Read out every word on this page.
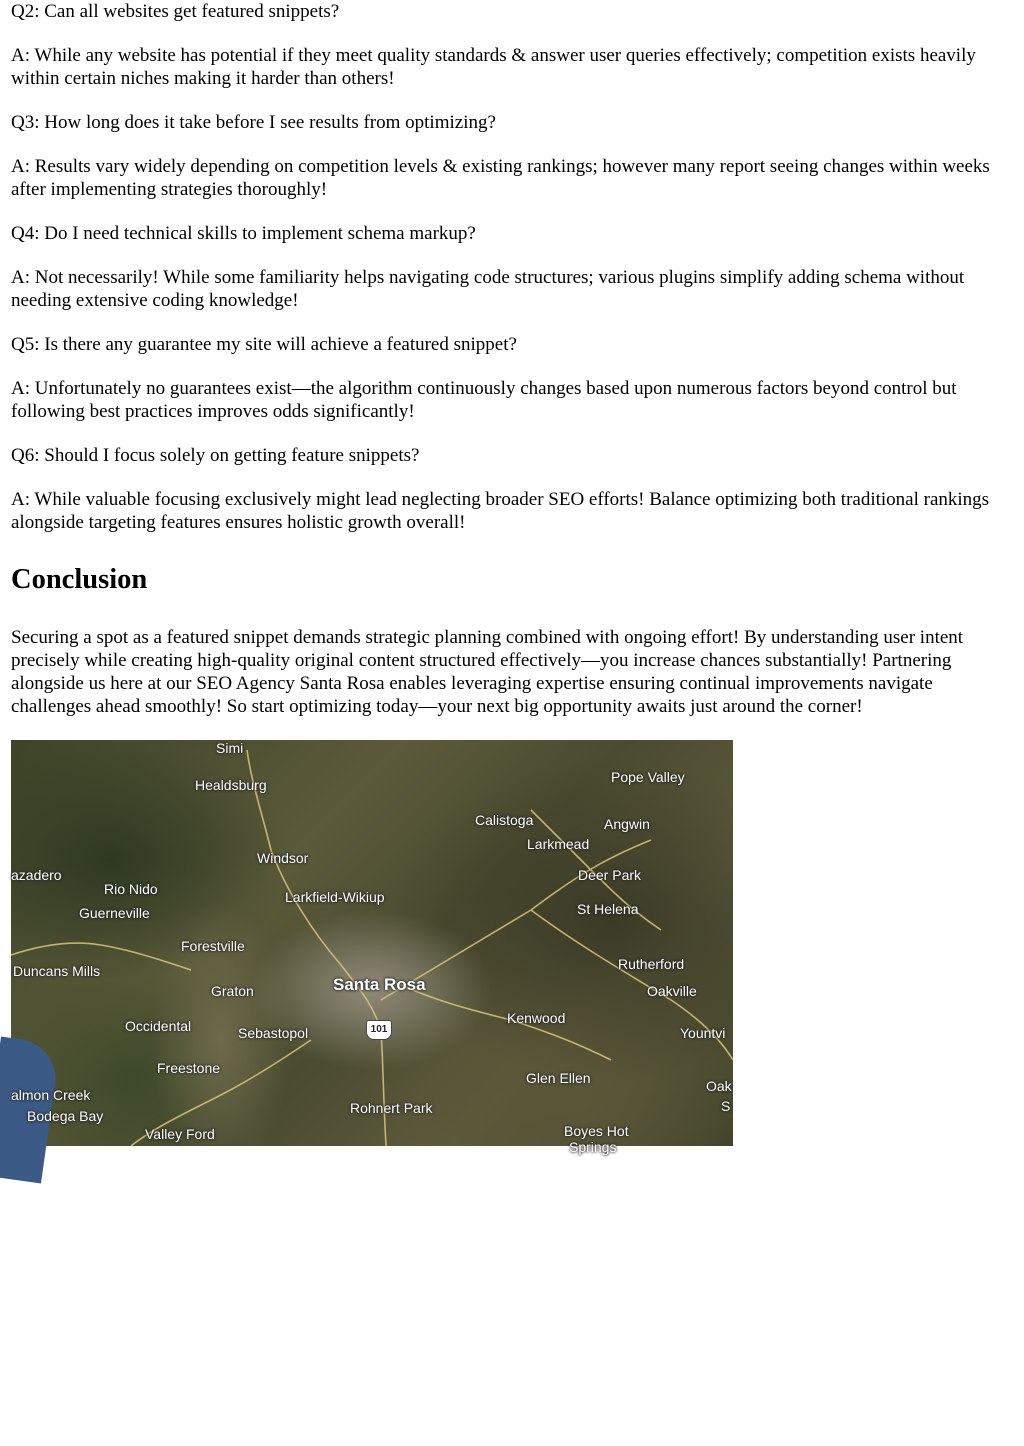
Q2: Can all websites get featured snippets?

A: While any website has potential if they meet quality standards & answer user queries effectively; competition exists heavily within certain niches making it harder than others!

Q3: How long does it take before I see results from optimizing?

A: Results vary widely depending on competition levels & existing rankings; however many report seeing changes within weeks after implementing strategies thoroughly!

Q4: Do I need technical skills to implement schema markup?

A: Not necessarily! While some familiarity helps navigating code structures; various plugins simplify adding schema without needing extensive coding knowledge!

Q5: Is there any guarantee my site will achieve a featured snippet?

A: Unfortunately no guarantees exist—the algorithm continuously changes based upon numerous factors beyond control but following best practices improves odds significantly!

Q6: Should I focus solely on getting feature snippets?

A: While valuable focusing exclusively might lead neglecting broader SEO efforts! Balance optimizing both traditional rankings alongside targeting features ensures holistic growth overall!

Conclusion

Securing a spot as a featured snippet demands strategic planning combined with ongoing effort! By understanding user intent precisely while creating high-quality original content structured effectively—you increase chances substantially! Partnering alongside us here at our SEO Agency Santa Rosa enables leveraging expertise ensuring continual improvements navigate challenges ahead smoothly! So start optimizing today—your next big opportunity awaits just around the corner!

Simi
Healdsburg	Pope Valley
Calistoga	Angwin
Larkmead
Windsor
azadero	Deer Park
Rio Nido	Larkfield-Wikiup
Guerneville	St Helena
Forestville
Rutherford
Duncans Mills
Graton	Santa Rosa	Oakville
Kenwood
Occidental	Sebastopol	101	Yountvi
Freestone
Glen Ellen	Oak
S
almon Creek
Rohnert Park
Bodega Bay
Boyes Hot
Springs
Valley Ford
